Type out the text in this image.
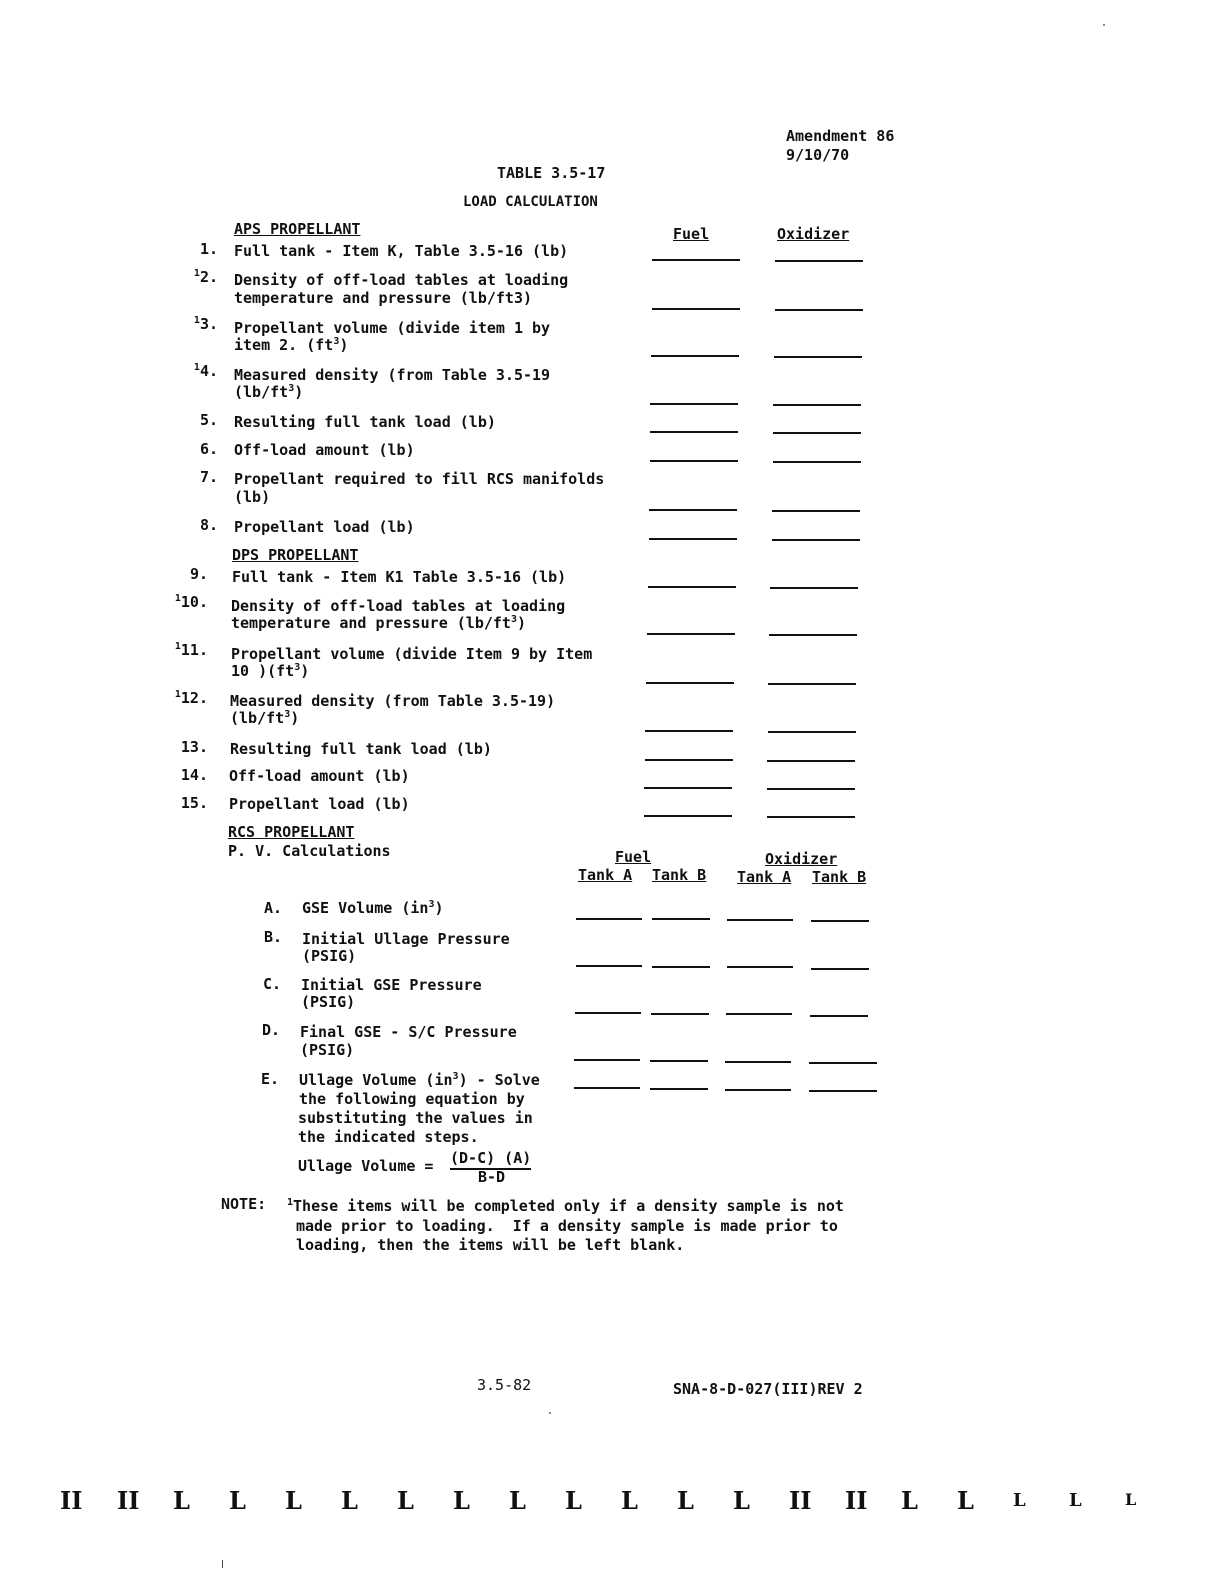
Amendment 86
9/10/70
TABLE 3.5-17
LOAD CALCULATION
Fuel	Oxidizer
APS PROPELLANT
1. Full tank - Item K, Table 3.5-16 (lb)
$^1$2. Density of off-load tables at loading
temperature and pressure (lb/ft3)
$^1$3. Propellant volume (divide item 1 by
item 2. $(ft^3)$
$^1$4. Measured density (from Table 3.5-19
$(lb/ft^3)$
5. Resulting full tank load (lb)
6. Off-load amount (lb)
7. Propellant required to fill RCS manifolds
(lb)
8. Propellant load (lb)
DPS PROPELLANT
9. Full tank - Item K1 Table 3.5-16 (lb)
$^1$10. Density of off-load tables at loading
temperature and pressure $(lb/ft^3)$
$^1$11. Propellant volume (divide Item 9 by Item
10 )$(ft^3)$
$^1$12. Measured density (from Table 3.5-19)
$(lb/ft^3)$
13. Resulting full tank load (lb)
14. Off-load amount (lb)
15. Propellant load (lb)
RCS PROPELLANT
P. V. Calculations	Fuel	Oxidizer
Tank A Tank B Tank A Tank B
A. GSE Volume $(in^3)$
B. Initial Ullage Pressure
(PSIG)
C. Initial GSE Pressure
(PSIG)
D. Final GSE - S/C Pressure
(PSIG)
E. Ullage Volume $(in^3)$ - Solve
the following equation by
substituting the values in
the indicated steps.
Ullage Volume = (D-C) (A)
B-D
NOTE: $^1$These items will be completed only if a density sample is not
made prior to loading.  If a density sample is made prior to
loading, then the items will be left blank.
3.5-82	SNA-8-D-027(III)REV 2
II II L L L L L L L L L L L II II L L L L	L
